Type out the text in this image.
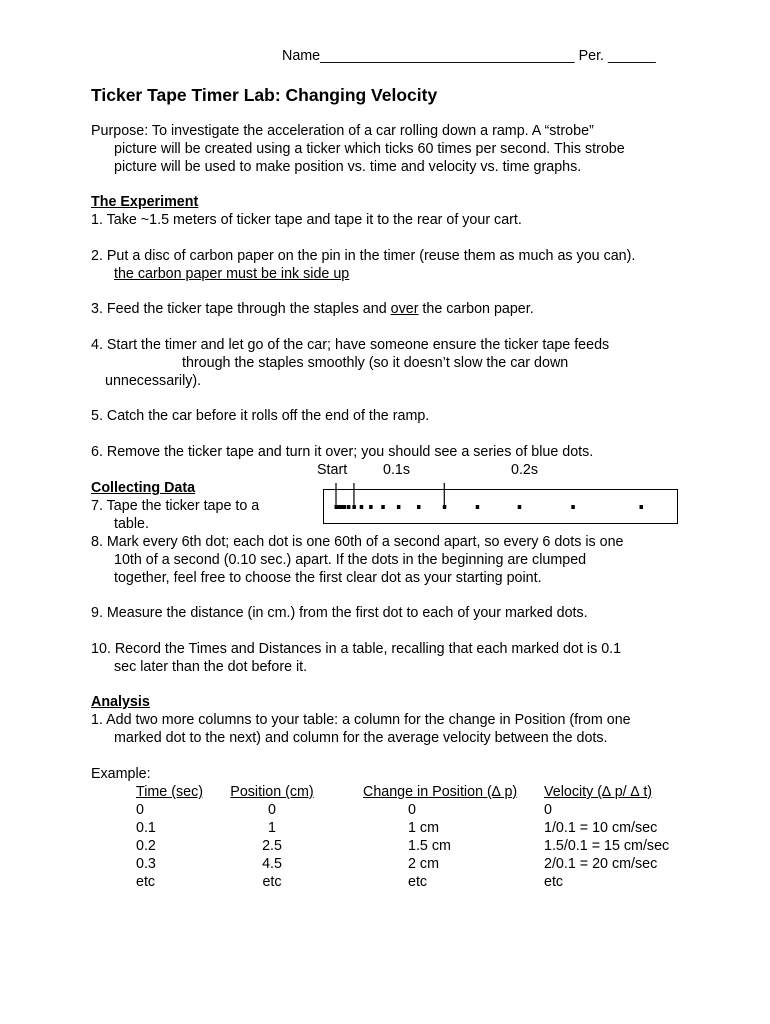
Name________________________________ Per. ______
Ticker Tape Timer Lab: Changing Velocity
Purpose: To investigate the acceleration of a car rolling down a ramp. A “strobe”
picture will be created using a ticker which ticks 60 times per second. This strobe
picture will be used to make position vs. time and velocity vs. time graphs.
The Experiment
1. Take ~1.5 meters of ticker tape and tape it to the rear of your cart.
2. Put a disc of carbon paper on the pin in the timer (reuse them as much as you can).
the carbon paper must be ink side up
3. Feed the ticker tape through the staples and over the carbon paper.
4. Start the timer and let go of the car; have someone ensure the ticker tape feeds
through the staples smoothly (so it doesn’t slow the car down
unnecessarily).
5. Catch the car before it rolls off the end of the ramp.
6. Remove the ticker tape and turn it over; you should see a series of blue dots.
Start	0.1s	0.2s
Collecting Data
7. Tape the ticker tape to a
table.
8. Mark every 6th dot; each dot is one 60th of a second apart, so every 6 dots is one
10th of a second (0.10 sec.) apart. If the dots in the beginning are clumped
together, feel free to choose the first clear dot as your starting point.
9. Measure the distance (in cm.) from the first dot to each of your marked dots.
10. Record the Times and Distances in a table, recalling that each marked dot is 0.1
sec later than the dot before it.
Analysis
1. Add two more columns to your table: a column for the change in Position (from one
marked dot to the next) and column for the average velocity between the dots.
Example:
Time (sec)
0
0.1
0.2
0.3
etc
Position (cm)
0
1
2.5
4.5
etc
Change in Position (∆ p)
0
1 cm
1.5 cm
2 cm
etc
Velocity (∆ p/ ∆ t)
0
1/0.1 = 10 cm/sec
1.5/0.1 = 15 cm/sec
2/0.1 = 20 cm/sec
etc
